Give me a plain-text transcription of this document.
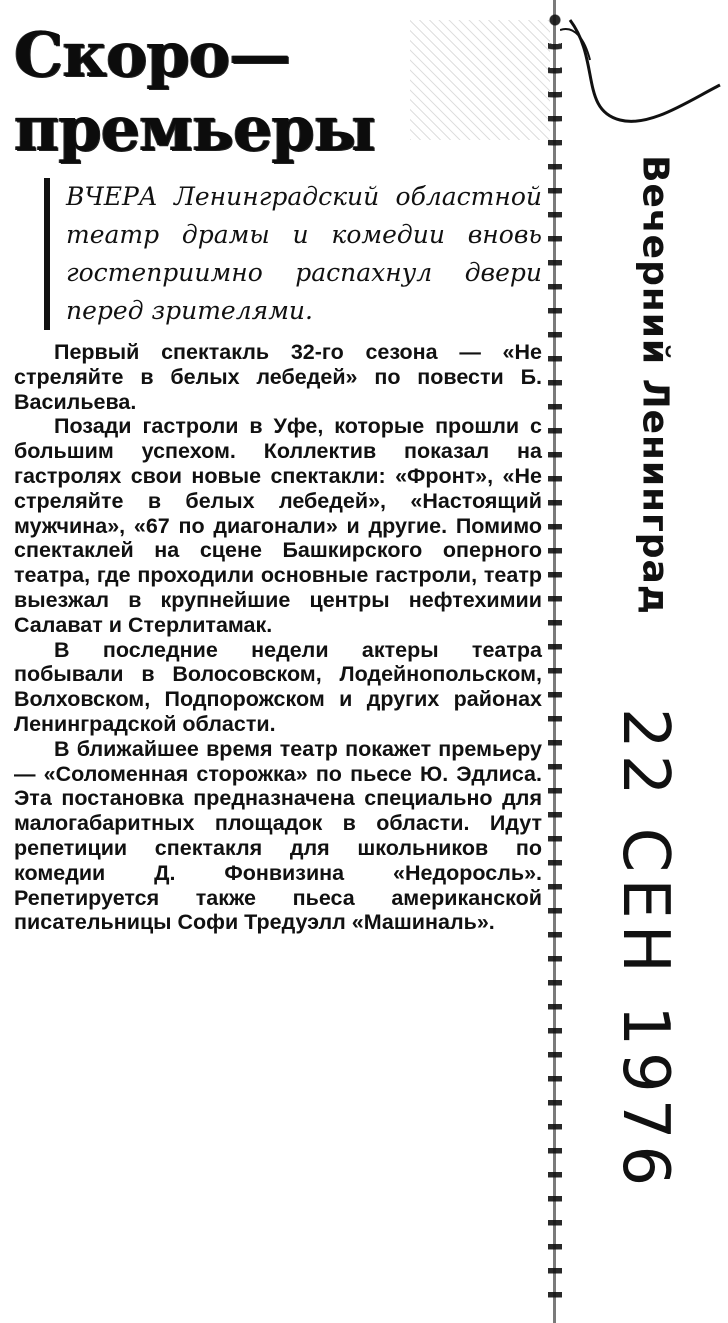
Скоро—
премьеры
ВЧЕРА Ленинградский областной театр драмы и комедии вновь гостеприимно распахнул двери перед зрителями.

Первый спектакль 32-го сезона — «Не стреляйте в белых лебедей» по повести Б. Васильева.

Позади гастроли в Уфе, которые прошли с большим успехом. Коллектив показал на гастролях свои новые спектакли: «Фронт», «Не стреляйте в белых лебедей», «Настоящий мужчина», «67 по диагонали» и другие. Помимо спектаклей на сцене Башкирского оперного театра, где проходили основные гастроли, театр выезжал в крупнейшие центры нефтехимии Салават и Стерлитамак.

В последние недели актеры театра побывали в Волосовском, Лодейнопольском, Волховском, Подпорожском и других районах Ленинградской области.

В ближайшее время театр покажет премьеру — «Соломенная сторожка» по пьесе Ю. Эдлиса. Эта постановка предназначена специально для малогабаритных площадок в области. Идут репетиции спектакля для школьников по комедии Д. Фонвизина «Недоросль». Репетируется также пьеса американской писательницы Софи Тредуэлл «Машиналь».

Вечерний Ленинград
22 СЕН 1976
